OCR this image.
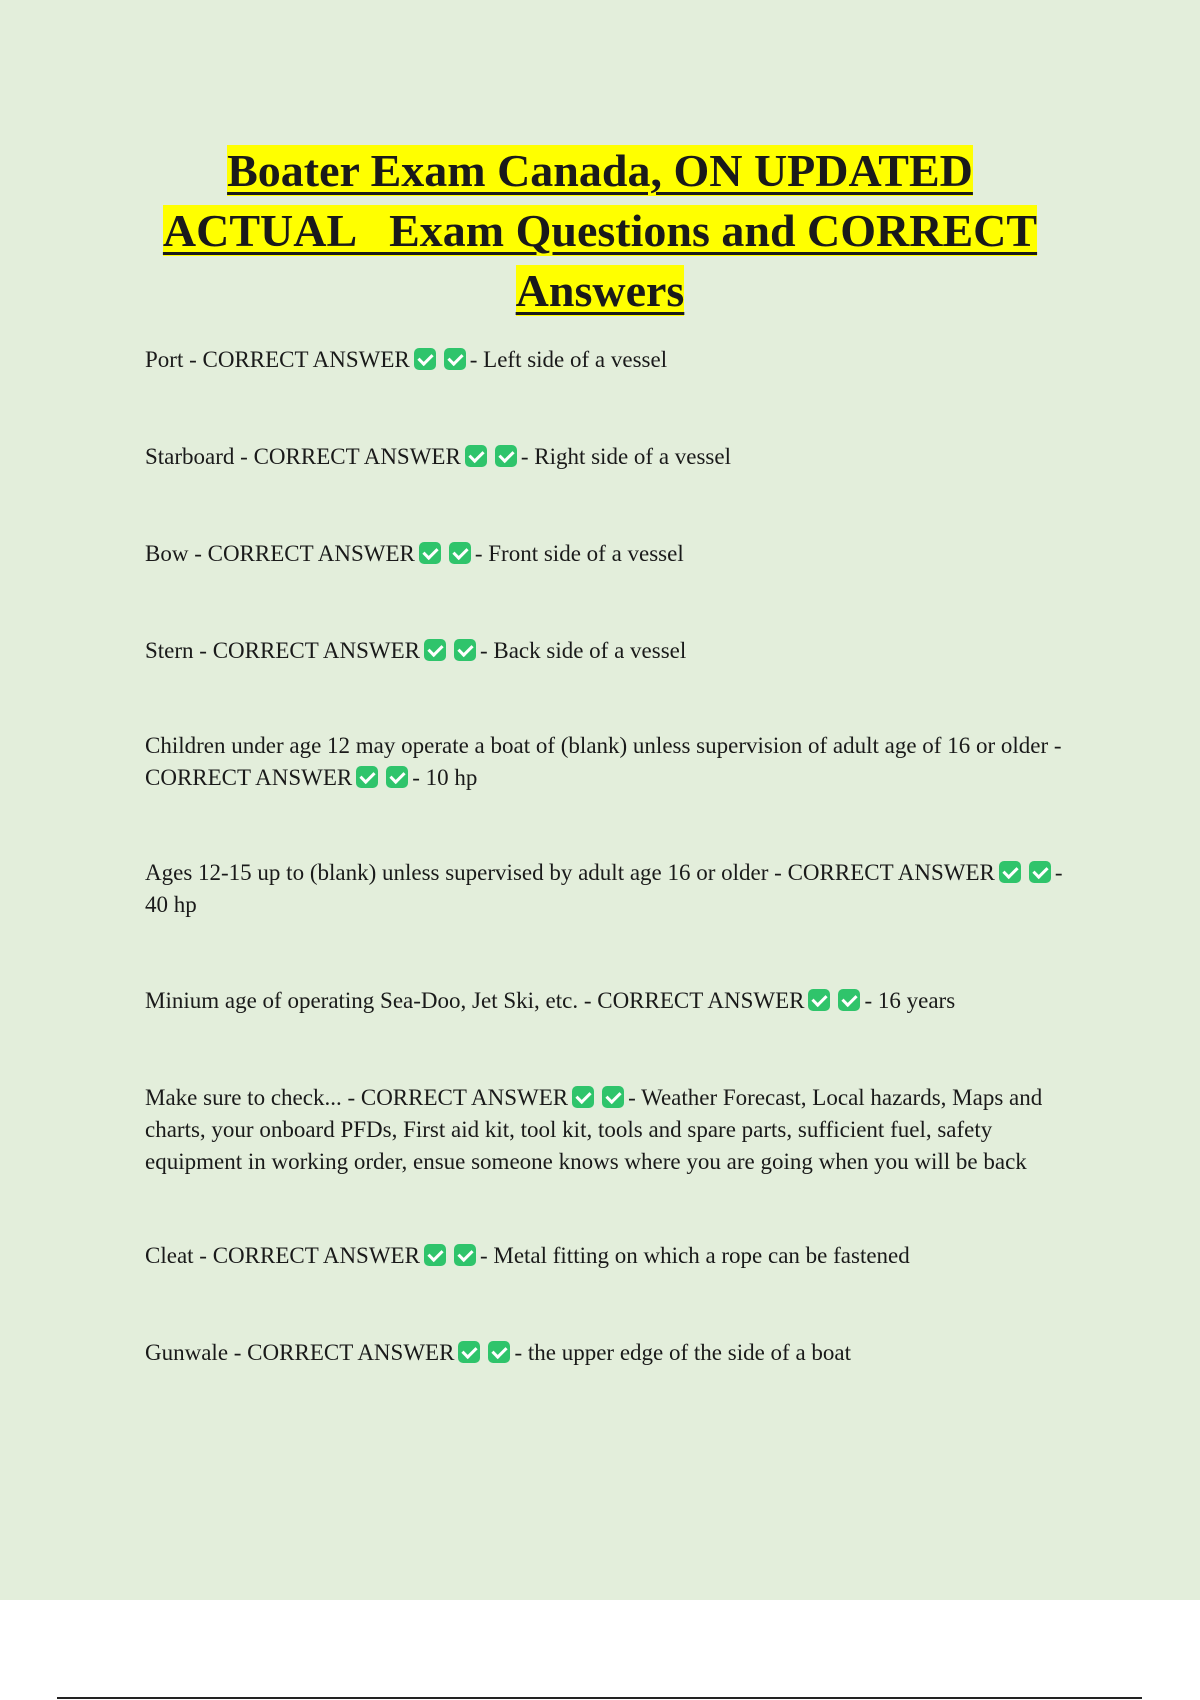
Boater Exam Canada, ON UPDATED
ACTUAL   Exam Questions and CORRECT
Answers

Port - CORRECT ANSWER	- Left side of a vessel

Starboard - CORRECT ANSWER	- Right side of a vessel

Bow - CORRECT ANSWER	- Front side of a vessel

Stern - CORRECT ANSWER	- Back side of a vessel

Children under age 12 may operate a boat of (blank) unless supervision of adult age of 16 or older - CORRECT ANSWER	- 10 hp

Ages 12-15 up to (blank) unless supervised by adult age 16 or older - CORRECT ANSWER	- 40 hp

Minium age of operating Sea-Doo, Jet Ski, etc. - CORRECT ANSWER	- 16 years

Make sure to check... - CORRECT ANSWER	- Weather Forecast, Local hazards, Maps and charts, your onboard PFDs, First aid kit, tool kit, tools and spare parts, sufficient fuel, safety equipment in working order, ensue someone knows where you are going when you will be back

Cleat - CORRECT ANSWER	- Metal fitting on which a rope can be fastened

Gunwale - CORRECT ANSWER	- the upper edge of the side of a boat
